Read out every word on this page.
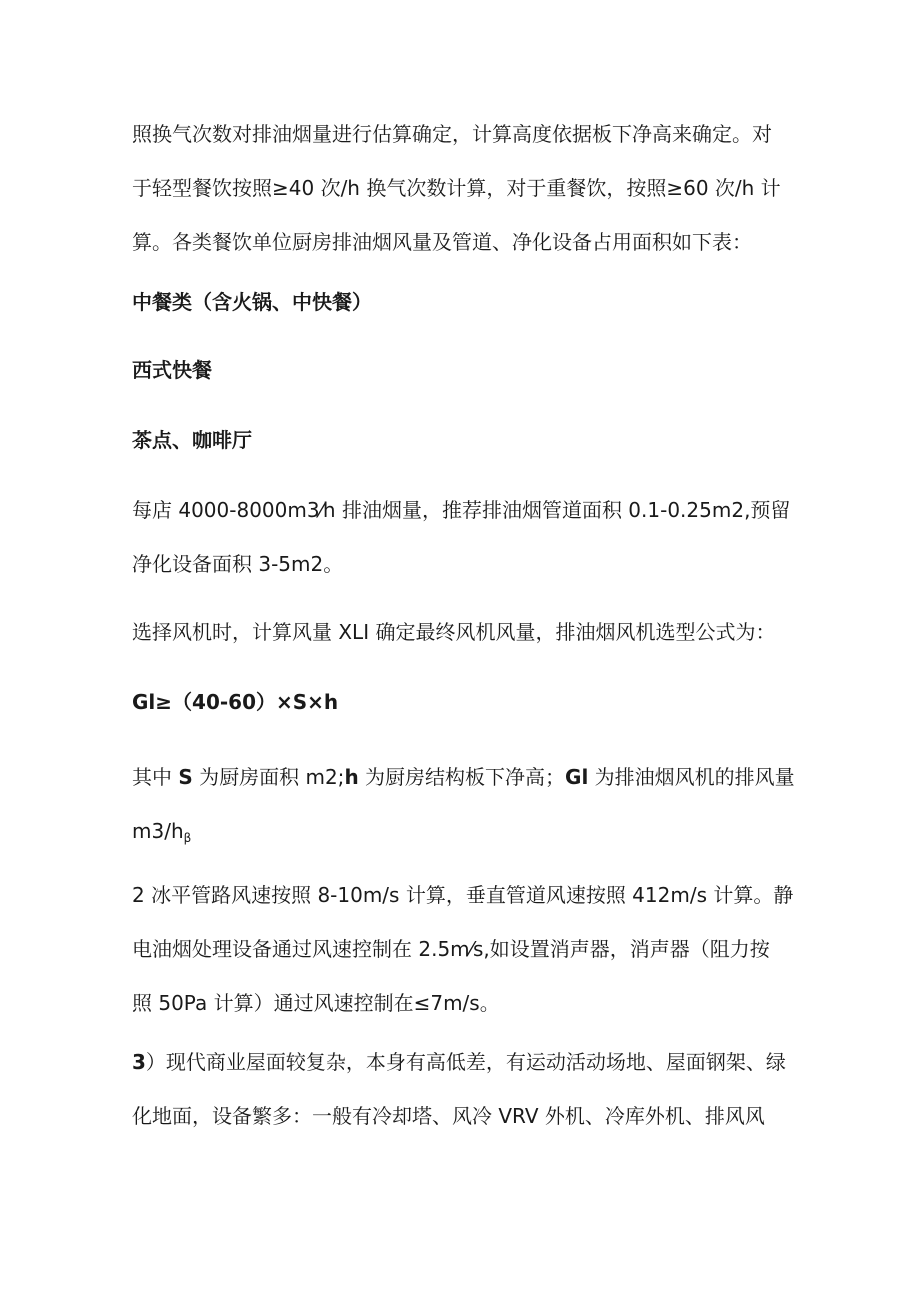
照换气次数对排油烟量进行估算确定，计算高度依据板下净高来确定。对
于轻型餐饮按照≥40 次/h 换气次数计算，对于重餐饮，按照≥60 次/h 计
算。各类餐饮单位厨房排油烟风量及管道、净化设备占用面积如下表：

中餐类（含火锅、中快餐）

西式快餐

茶点、咖啡厅

每店 4000-8000m3⁄h 排油烟量，推荐排油烟管道面积 0.1-0.25m2,预留
净化设备面积 3-5m2。

选择风机时，计算风量 XLI 确定最终风机风量，排油烟风机选型公式为：

Gl≥（40-60）×S×h

其中 S 为厨房面积 m2;h 为厨房结构板下净高；Gl 为排油烟风机的排风量
$m3/h_\beta$

2 冰平管路风速按照 8-10m/s 计算，垂直管道风速按照 412m/s 计算。静
电油烟处理设备通过风速控制在 2.5m⁄s,如设置消声器，消声器（阻力按
照 50Pa 计算）通过风速控制在≤7m/s。

3）现代商业屋面较复杂，本身有高低差，有运动活动场地、屋面钢架、绿
化地面，设备繁多：一般有冷却塔、风冷 VRV 外机、冷库外机、排风风
